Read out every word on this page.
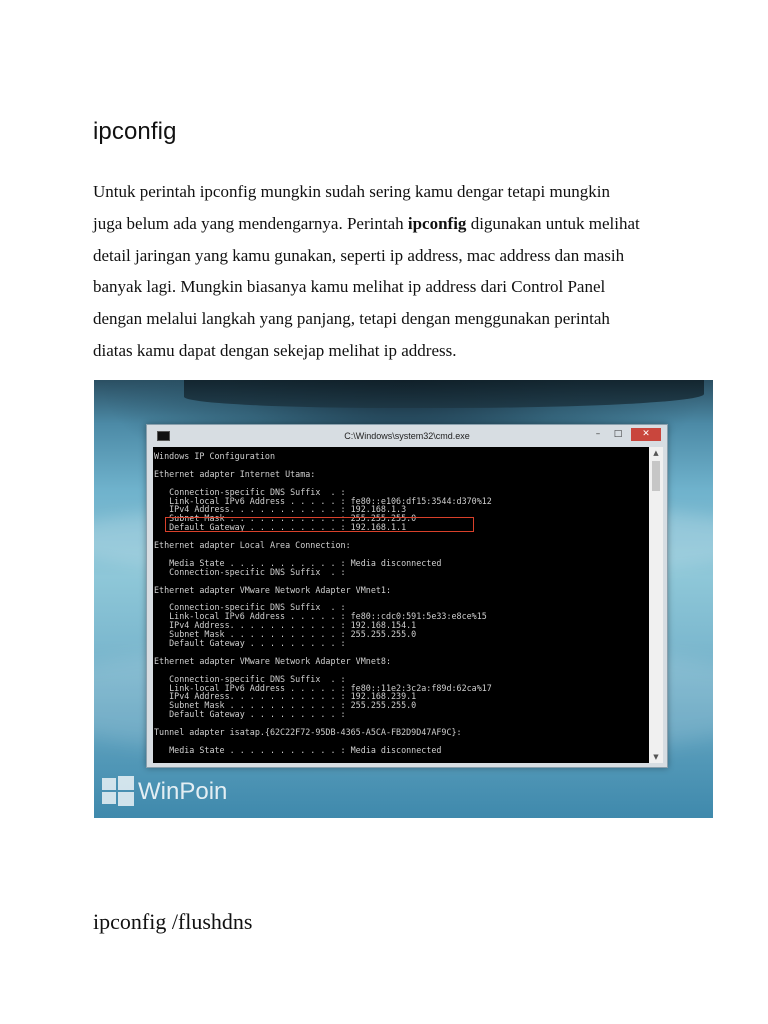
ipconfig
Untuk perintah ipconfig mungkin sudah sering kamu dengar tetapi mungkin
juga belum ada yang mendengarnya. Perintah ipconfig digunakan untuk melihat
detail jaringan yang kamu gunakan, seperti ip address, mac address dan masih
banyak lagi. Mungkin biasanya kamu melihat ip address dari Control Panel
dengan melalui langkah yang panjang, tetapi dengan menggunakan perintah
diatas kamu dapat dengan sekejap melihat ip address.
C:\Windows\system32\cmd.exe	–	□	✕
Windows IP Configuration

Ethernet adapter Internet Utama:

Connection-specific DNS Suffix  . :
Link-local IPv6 Address . . . . . : fe80::e106:df15:3544:d370%12
IPv4 Address. . . . . . . . . . . : 192.168.1.3
Subnet Mask . . . . . . . . . . . : 255.255.255.0
Default Gateway . . . . . . . . . : 192.168.1.1

Ethernet adapter Local Area Connection:

Media State . . . . . . . . . . . : Media disconnected
Connection-specific DNS Suffix  . :

Ethernet adapter VMware Network Adapter VMnet1:

Connection-specific DNS Suffix  . :
Link-local IPv6 Address . . . . . : fe80::cdc0:591:5e33:e8ce%15
IPv4 Address. . . . . . . . . . . : 192.168.154.1
Subnet Mask . . . . . . . . . . . : 255.255.255.0
Default Gateway . . . . . . . . . :

Ethernet adapter VMware Network Adapter VMnet8:

Connection-specific DNS Suffix  . :
Link-local IPv6 Address . . . . . : fe80::11e2:3c2a:f89d:62ca%17
IPv4 Address. . . . . . . . . . . : 192.168.239.1
Subnet Mask . . . . . . . . . . . : 255.255.255.0
Default Gateway . . . . . . . . . :

Tunnel adapter isatap.{62C22F72-95DB-4365-A5CA-FB2D9D47AF9C}:

Media State . . . . . . . . . . . : Media disconnected
▲
▼
WinPoin
ipconfig /flushdns
